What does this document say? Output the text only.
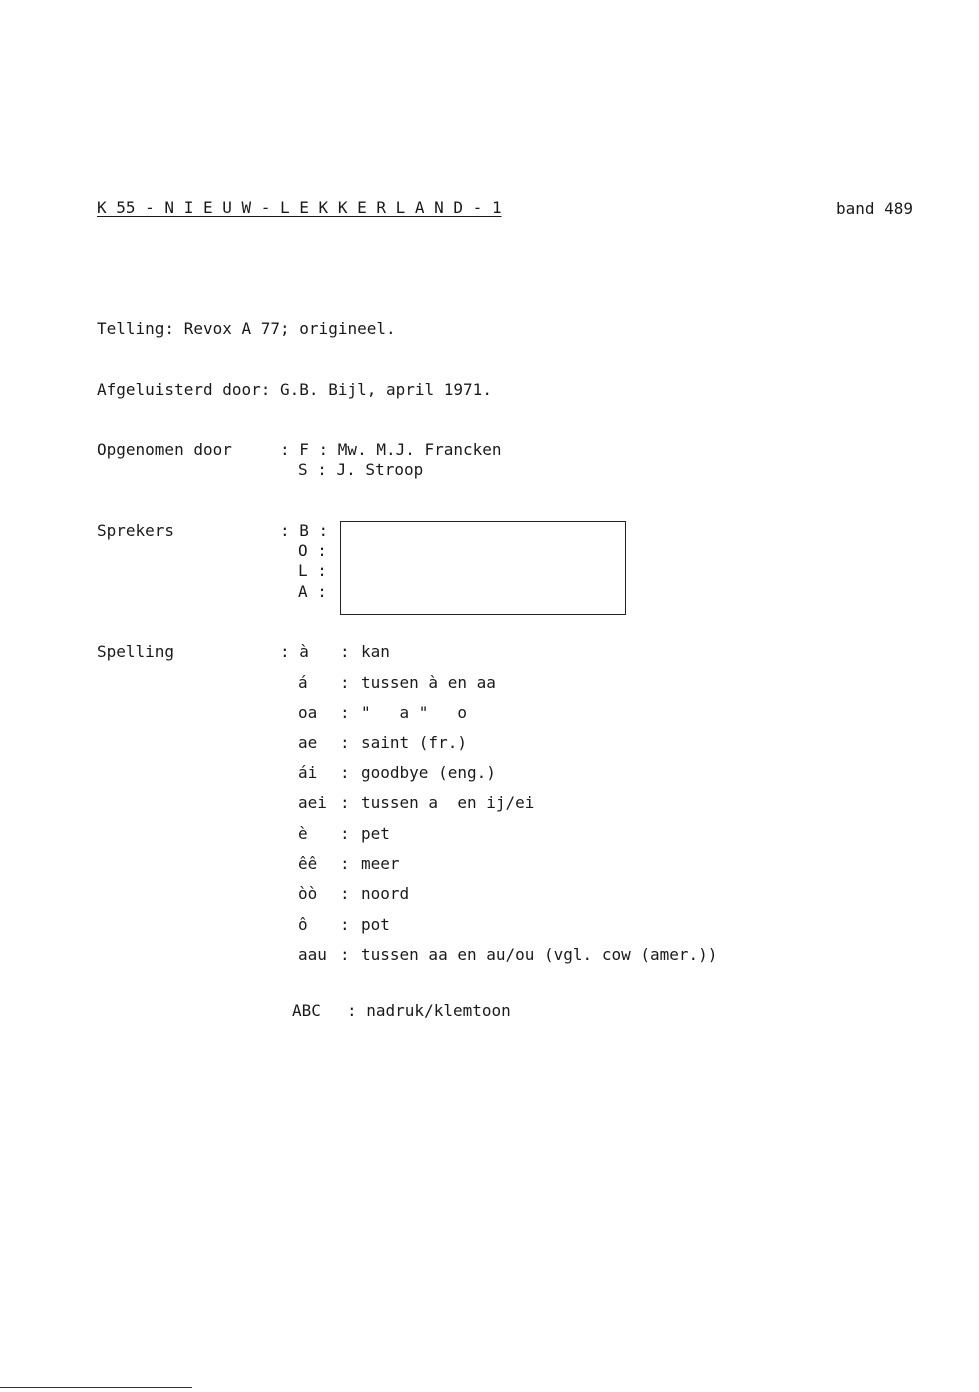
K 55 - N I E U W - L E K K E R L A N D - 1	band 489
Telling: Revox A 77; origineel.
Afgeluisterd door: G.B. Bijl, april 1971.
Opgenomen door	: F : Mw. M.J. Francken
S : J. Stroop
Sprekers	: B :
O :
L :
A :
Spelling	: à : kan
á : tussen à en aa
oa : "   a "   o
ae : saint (fr.)
ái : goodbye (eng.)
aei : tussen a  en ij/ei
è : pet
êê : meer
òò : noord
ô : pot
aau : tussen aa en au/ou (vgl. cow (amer.))
ABC : nadruk/klemtoon
